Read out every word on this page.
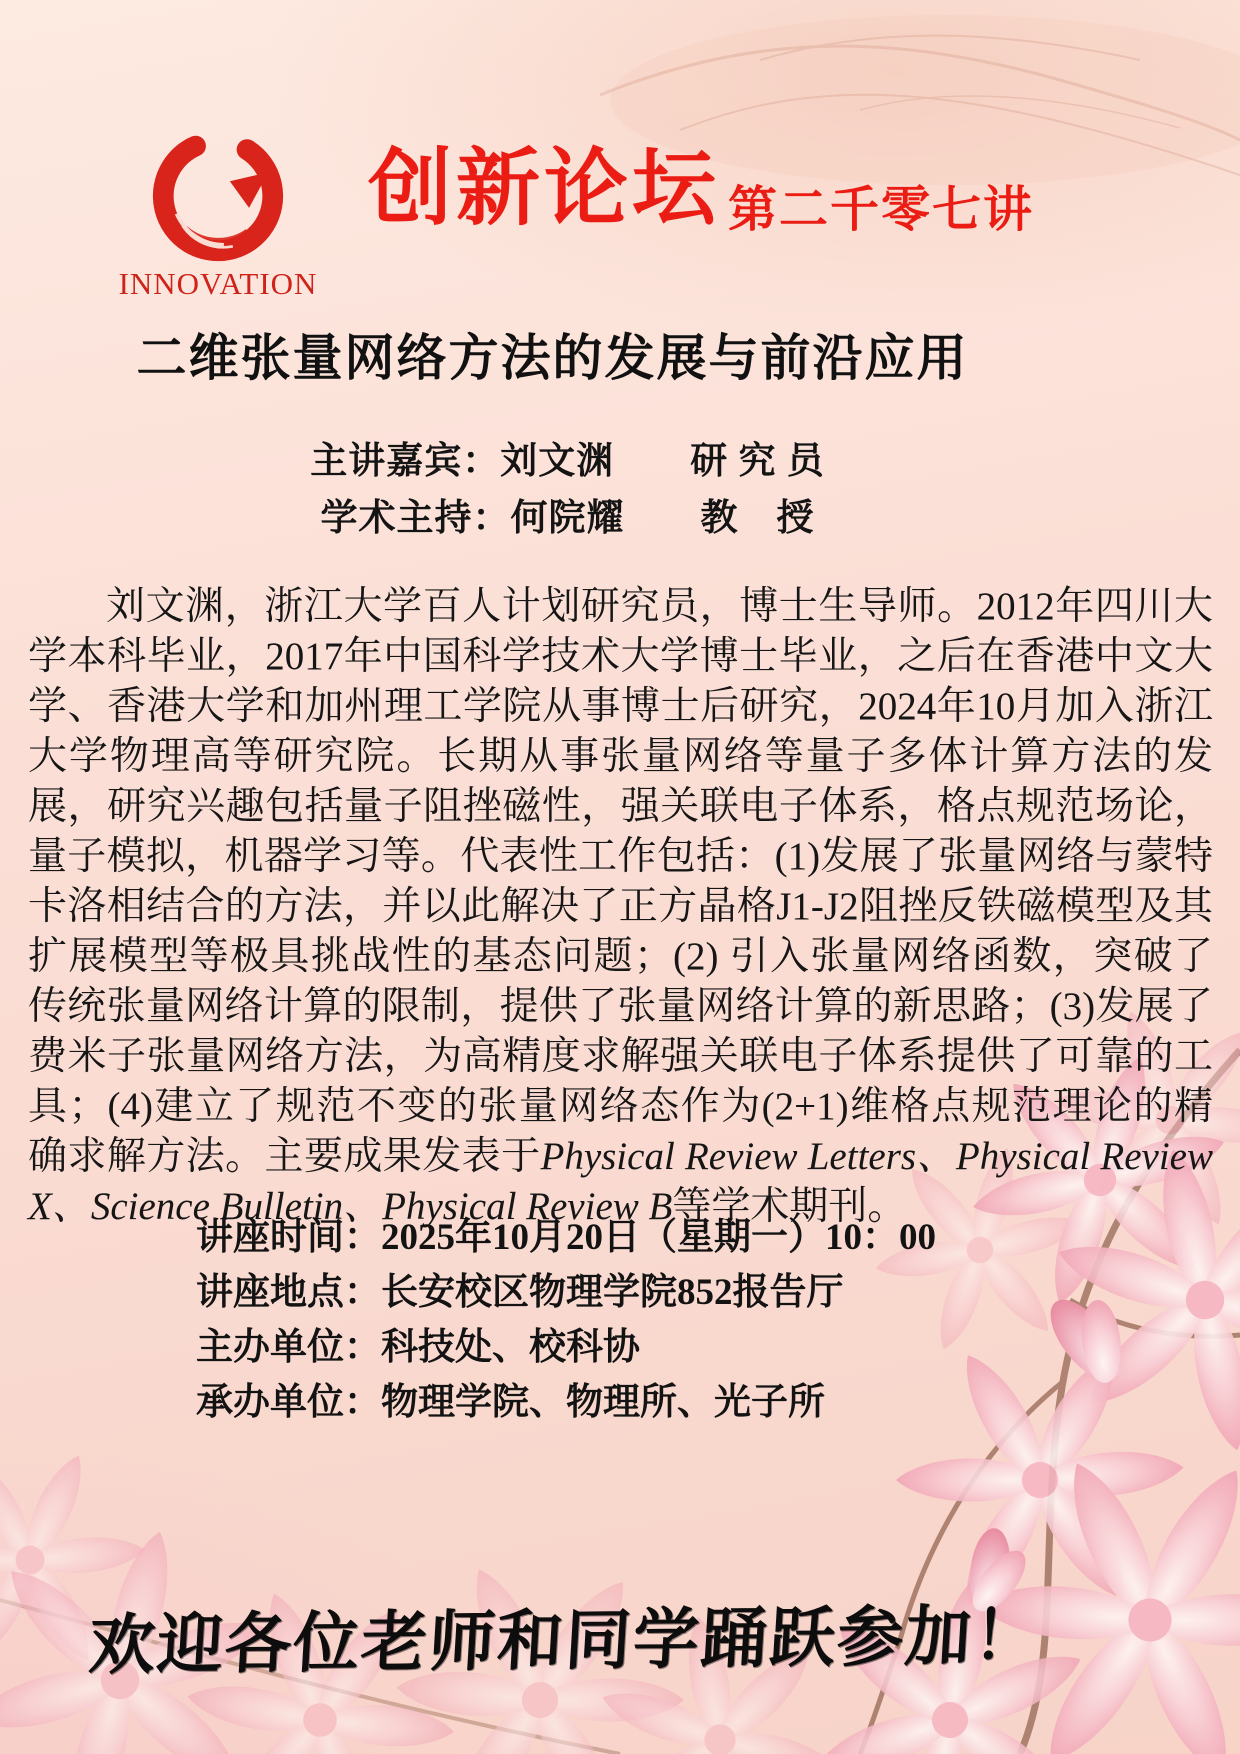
INNOVATION
创新论坛 第二千零七讲
二维张量网络方法的发展与前沿应用
主讲嘉宾：刘文渊　　研 究 员
学术主持：何院耀　　教　授

刘文渊，浙江大学百人计划研究员，博士生导师。2012年四川大学本科毕业，2017年中国科学技术大学博士毕业，之后在香港中文大学、香港大学和加州理工学院从事博士后研究，2024年10月加入浙江大学物理高等研究院。长期从事张量网络等量子多体计算方法的发展，研究兴趣包括量子阻挫磁性，强关联电子体系，格点规范场论，量子模拟，机器学习等。代表性工作包括：(1)发展了张量网络与蒙特卡洛相结合的方法，并以此解决了正方晶格J1-J2阻挫反铁磁模型及其扩展模型等极具挑战性的基态问题；(2) 引入张量网络函数，突破了传统张量网络计算的限制，提供了张量网络计算的新思路；(3)发展了费米子张量网络方法，为高精度求解强关联电子体系提供了可靠的工具；(4)建立了规范不变的张量网络态作为(2+1)维格点规范理论的精确求解方法。主要成果发表于Physical Review Letters、Physical Review X、Science Bulletin、Physical Review B等学术期刊。

讲座时间：2025年10月20日（星期一）10：00
讲座地点：长安校区物理学院852报告厅
主办单位：科技处、校科协
承办单位：物理学院、物理所、光子所
欢迎各位老师和同学踊跃参加！
